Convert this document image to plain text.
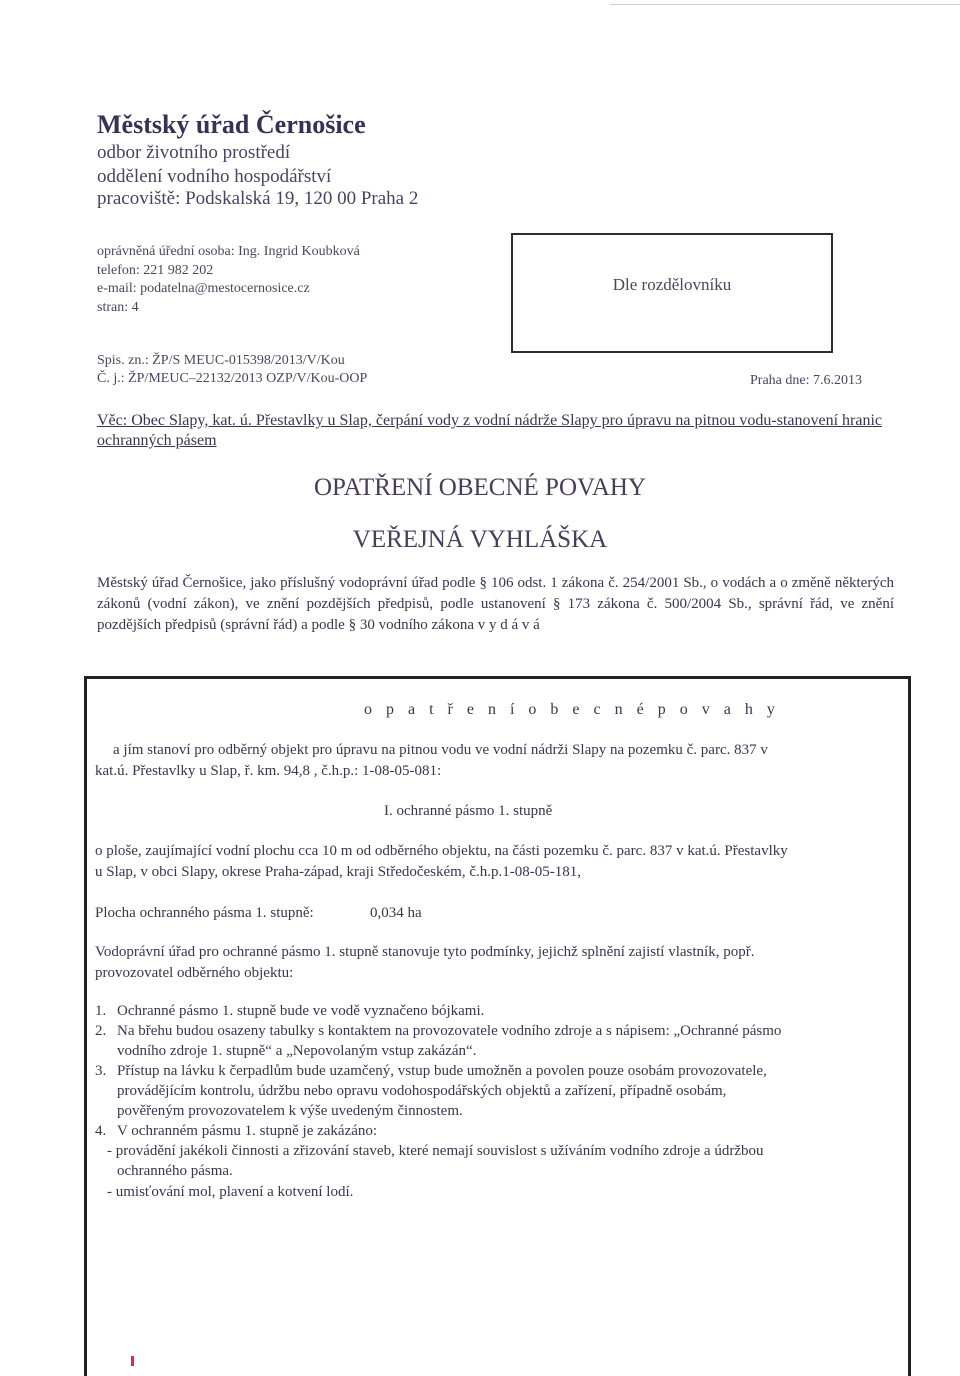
Městský úřad Černošice
odbor životního prostředí
oddělení vodního hospodářství
pracoviště: Podskalská 19, 120 00 Praha 2
oprávněná úřední osoba: Ing. Ingrid Koubková
telefon: 221 982 202
e-mail: podatelna@mestocernosice.cz
stran: 4
Dle rozdělovníku
Spis. zn.: ŽP/S MEUC-015398/2013/V/Kou
Č. j.: ŽP/MEUC–22132/2013 OZP/V/Kou-OOP	Praha dne: 7.6.2013
Věc: Obec Slapy, kat. ú. Přestavlky u Slap, čerpání vody z vodní nádrže Slapy pro úpravu na pitnou vodu-stanovení hranic ochranných pásem
OPATŘENÍ OBECNÉ POVAHY
VEŘEJNÁ VYHLÁŠKA
Městský úřad Černošice, jako příslušný vodoprávní úřad podle § 106 odst. 1 zákona č. 254/2001 Sb., o vodách a o změně některých zákonů (vodní zákon), ve znění pozdějších předpisů, podle ustanovení § 173 zákona č. 500/2004 Sb., správní řád, ve znění pozdějších předpisů (správní řád) a podle § 30 vodního zákona v y d á v á
o p a t ř e n í o b e c n é p o v a h y
a jím stanoví pro odběrný objekt pro úpravu na pitnou vodu ve vodní nádrži Slapy na pozemku č. parc. 837 v
kat.ú. Přestavlky u Slap, ř. km. 94,8 , č.h.p.: 1-08-05-081:
I. ochranné pásmo 1. stupně
o ploše, zaujímající vodní plochu cca 10 m od odběrného objektu, na části pozemku č. parc. 837 v kat.ú. Přestavlky
u Slap, v obci Slapy, okrese Praha-západ, kraji Středočeském, č.h.p.1-08-05-181,
Plocha ochranného pásma 1. stupně:	0,034 ha
Vodoprávní úřad pro ochranné pásmo 1. stupně stanovuje tyto podmínky, jejichž splnění zajistí vlastník, popř.
provozovatel odběrného objektu:
1. Ochranné pásmo 1. stupně bude ve vodě vyznačeno bójkami.
2. Na břehu budou osazeny tabulky s kontaktem na provozovatele vodního zdroje a s nápisem: „Ochranné pásmo
vodního zdroje 1. stupně“ a „Nepovolaným vstup zakázán“.
3. Přístup na lávku k čerpadlům bude uzamčený, vstup bude umožněn a povolen pouze osobám provozovatele,
provádějícím kontrolu, údržbu nebo opravu vodohospodářských objektů a zařízení, případně osobám,
pověřeným provozovatelem k výše uvedeným činnostem.
4. V ochranném pásmu 1. stupně je zakázáno:
- provádění jakékoli činnosti a zřizování staveb, které nemají souvislost s užíváním vodního zdroje a údržbou
ochranného pásma.
- umisťování mol, plavení a kotvení lodí.
